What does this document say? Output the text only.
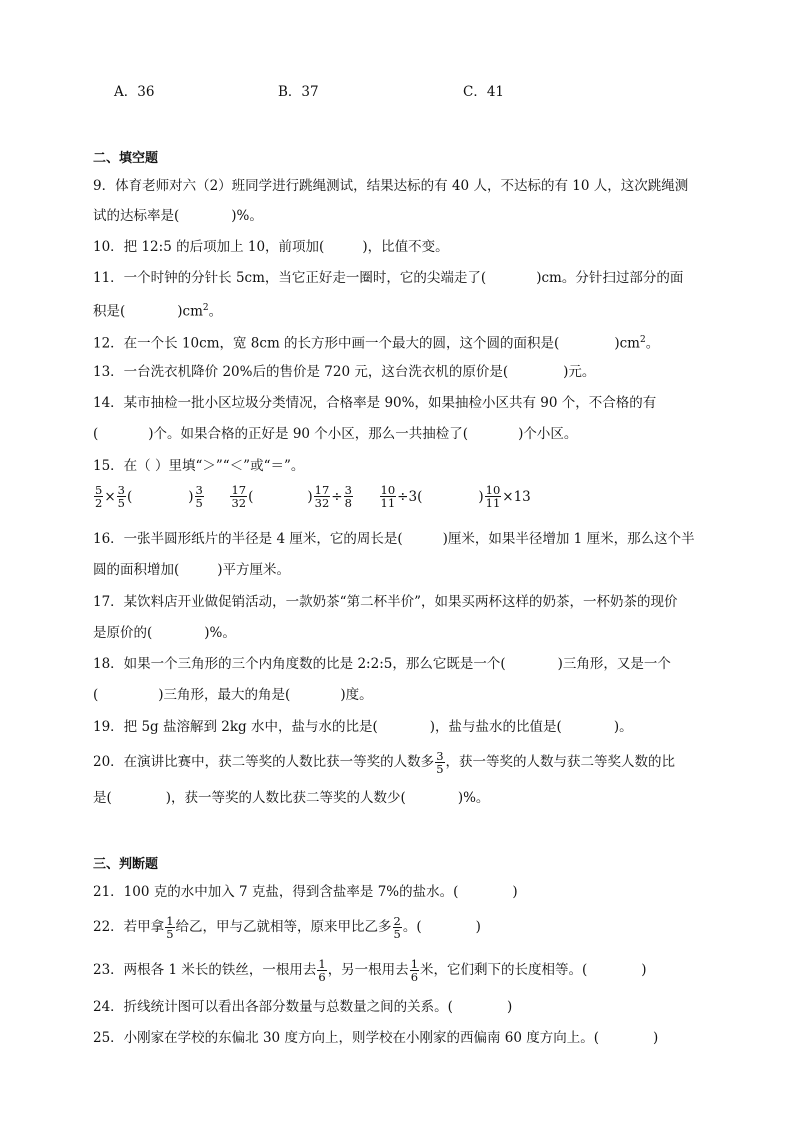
A．36	B．37	C．41
二、填空题
9．体育老师对六（2）班同学进行跳绳测试，结果达标的有 40 人，不达标的有 10 人，这次跳绳测
试的达标率是(	)%。
10．把 12:5 的后项加上 10，前项加(	)，比值不变。
11．一个时钟的分针长 5cm，当它正好走一圈时，它的尖端走了(	)cm。分针扫过部分的面
积是(	)$cm^2$。
12．在一个长 10cm，宽 8cm 的长方形中画一个最大的圆，这个圆的面积是(	)$cm^2$。
13．一台洗衣机降价 20%后的售价是 720 元，这台洗衣机的原价是(	)元。
14．某市抽检一批小区垃圾分类情况，合格率是 90%，如果抽检小区共有 90 个，不合格的有
(	)个。如果合格的正好是 90 个小区，那么一共抽检了(	)个小区。
15．在（ ）里填“＞”“＜”或“＝”。
$\frac{5}{2} \times \frac{3}{5}$ (	) $\frac{3}{5}$
$\frac{17}{32}$ (	) $\frac{17}{32} \div \frac{3}{8}$
$\frac{10}{11} \div 3$(	) $\frac{10}{11} \times 13$
16．一张半圆形纸片的半径是 4 厘米，它的周长是(	)厘米，如果半径增加 1 厘米，那么这个半
圆的面积增加(	)平方厘米。
17．某饮料店开业做促销活动，一款奶茶“第二杯半价”，如果买两杯这样的奶茶，一杯奶茶的现价
是原价的(	)%。
18．如果一个三角形的三个内角度数的比是 2:2:5，那么它既是一个(	)三角形，又是一个
(	)三角形，最大的角是(	)度。
19．把 5g 盐溶解到 2kg 水中，盐与水的比是(	)，盐与盐水的比值是(	)。
20．在演讲比赛中，获二等奖的人数比获一等奖的人数多 $\frac{3}{5}$ ，获一等奖的人数与获二等奖人数的比
是(	)，获一等奖的人数比获二等奖的人数少(	)%。
三、判断题
21．100 克的水中加入 7 克盐，得到含盐率是 7%的盐水。(	)
22．若甲拿 $\frac{1}{5}$ 给乙，甲与乙就相等，原来甲比乙多 $\frac{2}{5}$ 。(	)
23．两根各 1 米长的铁丝，一根用去 $\frac{1}{6}$ ，另一根用去 $\frac{1}{6}$ 米，它们剩下的长度相等。(	)
24．折线统计图可以看出各部分数量与总数量之间的关系。(	)
25．小刚家在学校的东偏北 30 度方向上，则学校在小刚家的西偏南 60 度方向上。(	)
